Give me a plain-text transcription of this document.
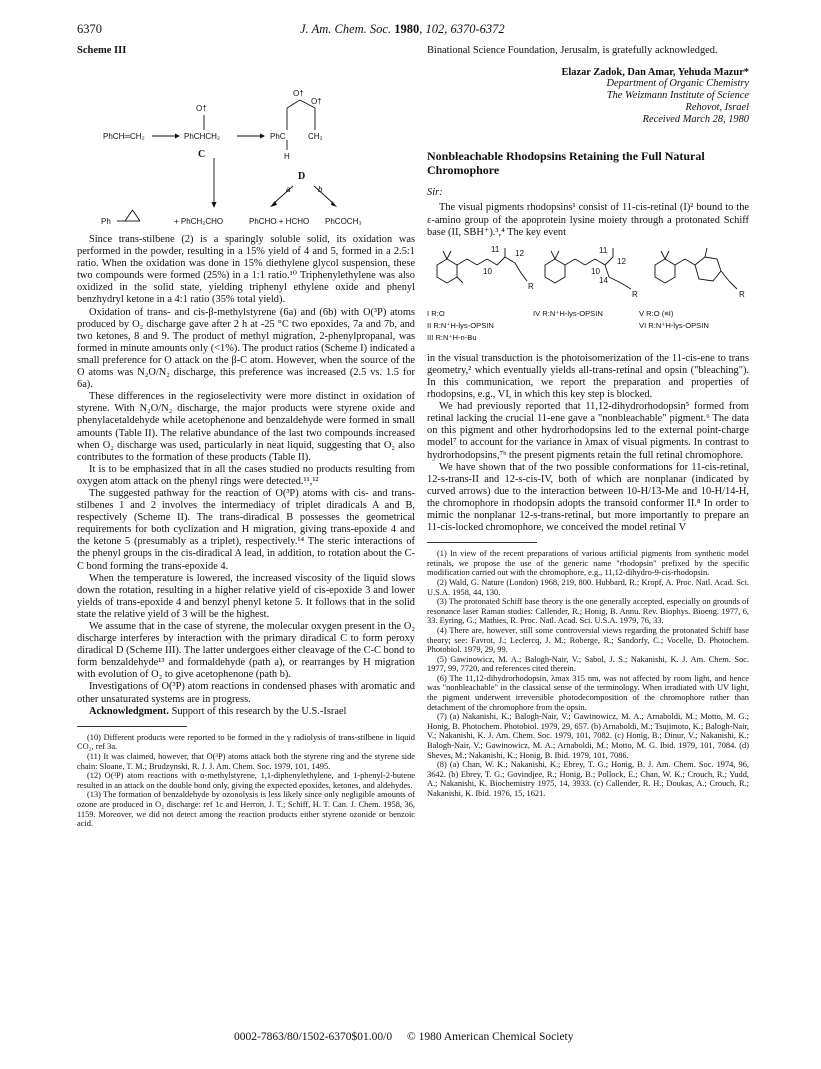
6370	J. Am. Chem. Soc. 1980, 102, 6370-6372
Scheme III
O†
O†
O†
PhCH═CH₂	PhCHCH₂
C
PhC	CH₂
H
D
a	b
Ph	+ PhCH₂CHO	PhCHO + HCHO PhCOCH₃

Since trans-stilbene (2) is a sparingly soluble solid, its oxidation was performed in the powder, resulting in a 15% yield of 4 and 5, formed in a 2.5:1 ratio. When the oxidation was done in 15% diethylene glycol suspension, these two compounds were formed (25%) in a 1:1 ratio.¹⁰ Triphenylethylene was also oxidized in the solid state, yielding triphenyl ethylene oxide and phenyl benzhydryl ketone in a 4:1 ratio (35% total yield).

Oxidation of trans- and cis-β-methylstyrene (6a) and (6b) with O(³P) atoms produced by O₂ discharge gave after 2 h at -25 °C two epoxides, 7a and 7b, and two ketones, 8 and 9. The product of methyl migration, 2-phenylpropanal, was formed in minute amounts only (<1%). The product ratios (Scheme I) indicated a small preference for O attack on the β-C atom. However, when the source of the O atoms was N₂O/N₂ discharge, this preference was increased (2.5 vs. 1.5 for 6a).

These differences in the regioselectivity were more distinct in oxidation of styrene. With N₂O/N₂ discharge, the major products were styrene oxide and phenylacetaldehyde while acetophenone and benzaldehyde were formed in small amounts (Table II). The relative abundance of the last two compounds increased when O₂ discharge was used, particularly in neat liquid, suggesting that O₂ also contributes to the formation of these products (Table II).

It is to be emphasized that in all the cases studied no products resulting from oxygen atom attack on the phenyl rings were detected.¹¹,¹²

The suggested pathway for the reaction of O(³P) atoms with cis- and trans-stilbenes 1 and 2 involves the intermediacy of triplet diradicals A and B, respectively (Scheme II). The trans-diradical B possesses the geometrical requirements for both cyclization and H migration, giving trans-epoxide 4 and the ketone 5 (presumably as a triplet), respectively.¹⁴ The steric interactions of the phenyl groups in the cis-diradical A lead, in addition, to rotation about the C-C bond forming the trans-epoxide 4.

When the temperature is lowered, the increased viscosity of the liquid slows down the rotation, resulting in a higher relative yield of cis-epoxide 3 and lower yields of trans-epoxide 4 and benzyl phenyl ketone 5. It follows that in the solid state the relative yield of 3 will be the highest.

We assume that in the case of styrene, the molecular oxygen present in the O₂ discharge interferes by interaction with the primary diradical C to form peroxy diradical D (Scheme III). The latter undergoes either cleavage of the C-C bond to form benzaldehyde¹³ and formaldehyde (path a), or rearranges by H migration with evolution of O₂ to give acetophenone (path b).

Investigations of O(³P) atom reactions in condensed phases with aromatic and other unsaturated systems are in progress.

Acknowledgment. Support of this research by the U.S.-Israel

(10) Different products were reported to be formed in the γ radiolysis of trans-stilbene in liquid CO₂, ref 3a.

(11) It was claimed, however, that O(³P) atoms attack both the styrene ring and the styrene side chain: Sloane, T. M.; Brudzynski, R. J. J. Am. Chem. Soc. 1979, 101, 1495.

(12) O(³P) atom reactions with α-methylstyrene, 1,1-diphenylethylene, and 1-phenyl-2-butene resulted in an attack on the double bond only, giving the expected epoxides, ketones, and aldehydes.

(13) The formation of benzaldehyde by ozonolysis is less likely since only negligible amounts of ozone are produced in O₂ discharge: ref 1c and Herron, J. T.; Schiff, H. T. Can. J. Chem. 1958, 36, 1159. Moreover, we did not detect among the reaction products either styrene ozonide or benzoic acid.

Binational Science Foundation, Jerusalm, is gratefully acknowledged.

Elazar Zadok, Dan Amar, Yehuda Mazur*
Department of Organic Chemistry
The Weizmann Institute of Science
Rehovot, Israel
Received March 28, 1980
Nonbleachable Rhodopsins Retaining the Full Natural Chromophore
Sir:

The visual pigments rhodopsins¹ consist of 11-cis-retinal (I)² bound to the ε-amino group of the apoprotein lysine moiety through a protonated Schiff base (II, SBH⁺).³,⁴ The key event

11 12
10
R
11
12
10
14
R	R
I R:O
II R:N⁺H-lys-OPSIN
III R:N⁺H-n-Bu
IV R:N⁺H-lys-OPSIN	V R:O (≡I)
VI R:N⁺H-lys-OPSIN

in the visual transduction is the photoisomerization of the 11-cis-ene to trans geometry,² which eventually yields all-trans-retinal and opsin ("bleaching"). In this communication, we report the preparation and properties of rhodopsins, e.g., VI, in which this key step is blocked.

We had previously reported that 11,12-dihydrorhodopsin⁵ formed from retinal lacking the crucial 11-ene gave a "nonbleachable" pigment.⁶ The data on this pigment and other hydrorhodopsins led to the external point-charge model⁷ to account for the variance in λmax of visual pigments. In contrast to hydrorhodopsins,⁷ᵇ the present pigments retain the full retinal chromophore.

We have shown that of the two possible conformations for 11-cis-retinal, 12-s-trans-II and 12-s-cis-IV, both of which are nonplanar (indicated by curved arrows) due to the interaction between 10-H/13-Me and 10-H/14-H, the chromophore in rhodopsin adopts the transoid conformer II.⁸ In order to mimic the nonplanar 12-s-trans-retinal, but more importantly to prepare an 11-cis-locked chromophore, we conceived the model retinal V

(1) In view of the recent preparations of various artificial pigments from synthetic model retinals, we propose the use of the generic name "rhodopsin" prefixed by the specific modification carried out with the chromophore, e.g., 11,12-dihydro-9-cis-rhodopsin.

(2) Wald, G. Nature (London) 1968, 219, 800. Hubbard, R.; Kropf, A. Proc. Natl. Acad. Sci. U.S.A. 1958, 44, 130.

(3) The protonated Schiff base theory is the one generally accepted, especially on grounds of resonance laser Raman studies: Callender, R.; Honig, B. Annu. Rev. Biophys. Bioeng. 1977, 6, 33. Eyring, G.; Mathies, R. Proc. Natl. Acad. Sci. U.S.A. 1979, 76, 33.

(4) There are, however, still some controversial views regarding the protonated Schiff base theory; see: Favrot, J.; Leclercq, J. M.; Roberge, R.; Sandorfy, C.; Vocelle, D. Photochem. Photobiol. 1979, 29, 99.

(5) Gawinowicz, M. A.; Balogh-Nair, V.; Sabol, J. S.; Nakanishi, K. J. Am. Chem. Soc. 1977, 99, 7720, and references cited therein.

(6) The 11,12-dihydrorhodopsin, λmax 315 nm, was not affected by room light, and hence was "nonbleachable" in the classical sense of the terminology. When irradiated with UV light, the pigment underwent irreversible photodecomposition of the chromophore rather than detachment of the chromophore from the opsin.

(7) (a) Nakanishi, K.; Balogh-Nair, V.; Gawinowicz, M. A.; Arnaboldi, M.; Motto, M. G.; Honig, B. Photochem. Photobiol. 1979, 29, 657. (b) Arnaboldi, M.; Tsujimoto, K.; Balogh-Nair, V.; Nakanishi, K. J. Am. Chem. Soc. 1979, 101, 7082. (c) Honig, B.; Dinur, V.; Nakanishi, K.; Balogh-Nair, V.; Gawinowicz, M. A.; Arnaboldi, M.; Motto, M. G. Ibid. 1979, 101, 7084. (d) Sheves, M.; Nakanishi, K.; Honig, B. Ibid. 1979, 101, 7086.

(8) (a) Chan, W. K.; Nakanishi, K.; Ebrey, T. G.; Honig, B. J. Am. Chem. Soc. 1974, 96, 3642. (b) Ebrey, T. G.; Govindjee, R.; Honig, B.; Pollock, E.; Chan, W. K.; Crouch, R.; Yudd, A.; Nakanishi, K. Biochemistry 1975, 14, 3933. (c) Callender, R. H.; Doukas, A.; Crouch, R.; Nakanishi, K. Ibid. 1976, 15, 1621.

0002-7863/80/1502-6370$01.00/0 © 1980 American Chemical Society
